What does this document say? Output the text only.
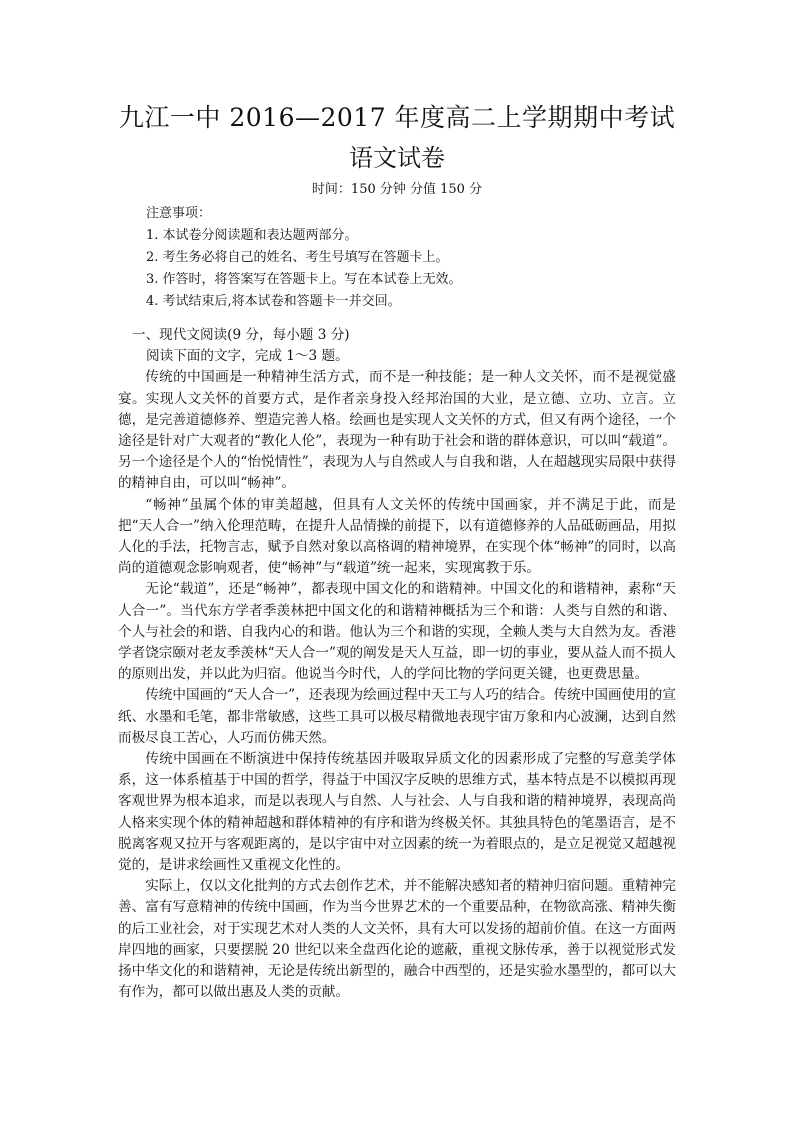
九江一中 2016—2017 年度高二上学期期中考试
语文试卷
时间：150 分钟 分值 150 分
注意事项：
1. 本试卷分阅读题和表达题两部分。
2. 考生务必将自己的姓名、考生号填写在答题卡上。
3. 作答时，将答案写在答题卡上。写在本试卷上无效。
4. 考试结束后,将本试卷和答题卡一并交回。
一、现代文阅读(9 分，每小题 3 分)
阅读下面的文字，完成 1～3 题。

传统的中国画是一种精神生活方式，而不是一种技能；是一种人文关怀，而不是视觉盛宴。实现人文关怀的首要方式，是作者亲身投入经邦治国的大业，是立德、立功、立言。立德，是完善道德修养、塑造完善人格。绘画也是实现人文关怀的方式，但又有两个途径，一个途径是针对广大观者的“教化人伦”，表现为一种有助于社会和谐的群体意识，可以叫“载道”。另一个途径是个人的“怡悦情性”，表现为人与自然或人与自我和谐，人在超越现实局限中获得的精神自由，可以叫“畅神”。

“畅神”虽属个体的审美超越，但具有人文关怀的传统中国画家，并不满足于此，而是把“天人合一”纳入伦理范畴，在提升人品情操的前提下，以有道德修养的人品砥砺画品，用拟人化的手法，托物言志，赋予自然对象以高格调的精神境界，在实现个体“畅神”的同时，以高尚的道德观念影响观者，使“畅神”与“载道”统一起来，实现寓教于乐。

无论“载道”，还是“畅神”，都表现中国文化的和谐精神。中国文化的和谐精神，素称“天人合一”。当代东方学者季羡林把中国文化的和谐精神概括为三个和谐：人类与自然的和谐、个人与社会的和谐、自我内心的和谐。他认为三个和谐的实现，全赖人类与大自然为友。香港学者饶宗颐对老友季羡林“天人合一”观的阐发是天人互益，即一切的事业，要从益人而不损人的原则出发，并以此为归宿。他说当今时代，人的学问比物的学问更关键，也更费思量。

传统中国画的“天人合一”，还表现为绘画过程中天工与人巧的结合。传统中国画使用的宣纸、水墨和毛笔，都非常敏感，这些工具可以极尽精微地表现宇宙万象和内心波澜，达到自然而极尽良工苦心，人巧而仿佛天然。

传统中国画在不断演进中保持传统基因并吸取异质文化的因素形成了完整的写意美学体系，这一体系植基于中国的哲学，得益于中国汉字反映的思维方式，基本特点是不以模拟再现客观世界为根本追求，而是以表现人与自然、人与社会、人与自我和谐的精神境界，表现高尚人格来实现个体的精神超越和群体精神的有序和谐为终极关怀。其独具特色的笔墨语言，是不脱离客观又拉开与客观距离的，是以宇宙中对立因素的统一为着眼点的，是立足视觉又超越视觉的，是讲求绘画性又重视文化性的。

实际上，仅以文化批判的方式去创作艺术，并不能解决感知者的精神归宿问题。重精神完善、富有写意精神的传统中国画，作为当今世界艺术的一个重要品种，在物欲高涨、精神失衡的后工业社会，对于实现艺术对人类的人文关怀，具有大可以发扬的超前价值。在这一方面两岸四地的画家，只要摆脱 20 世纪以来全盘西化论的遮蔽，重视文脉传承，善于以视觉形式发扬中华文化的和谐精神，无论是传统出新型的，融合中西型的，还是实验水墨型的，都可以大有作为，都可以做出惠及人类的贡献。
